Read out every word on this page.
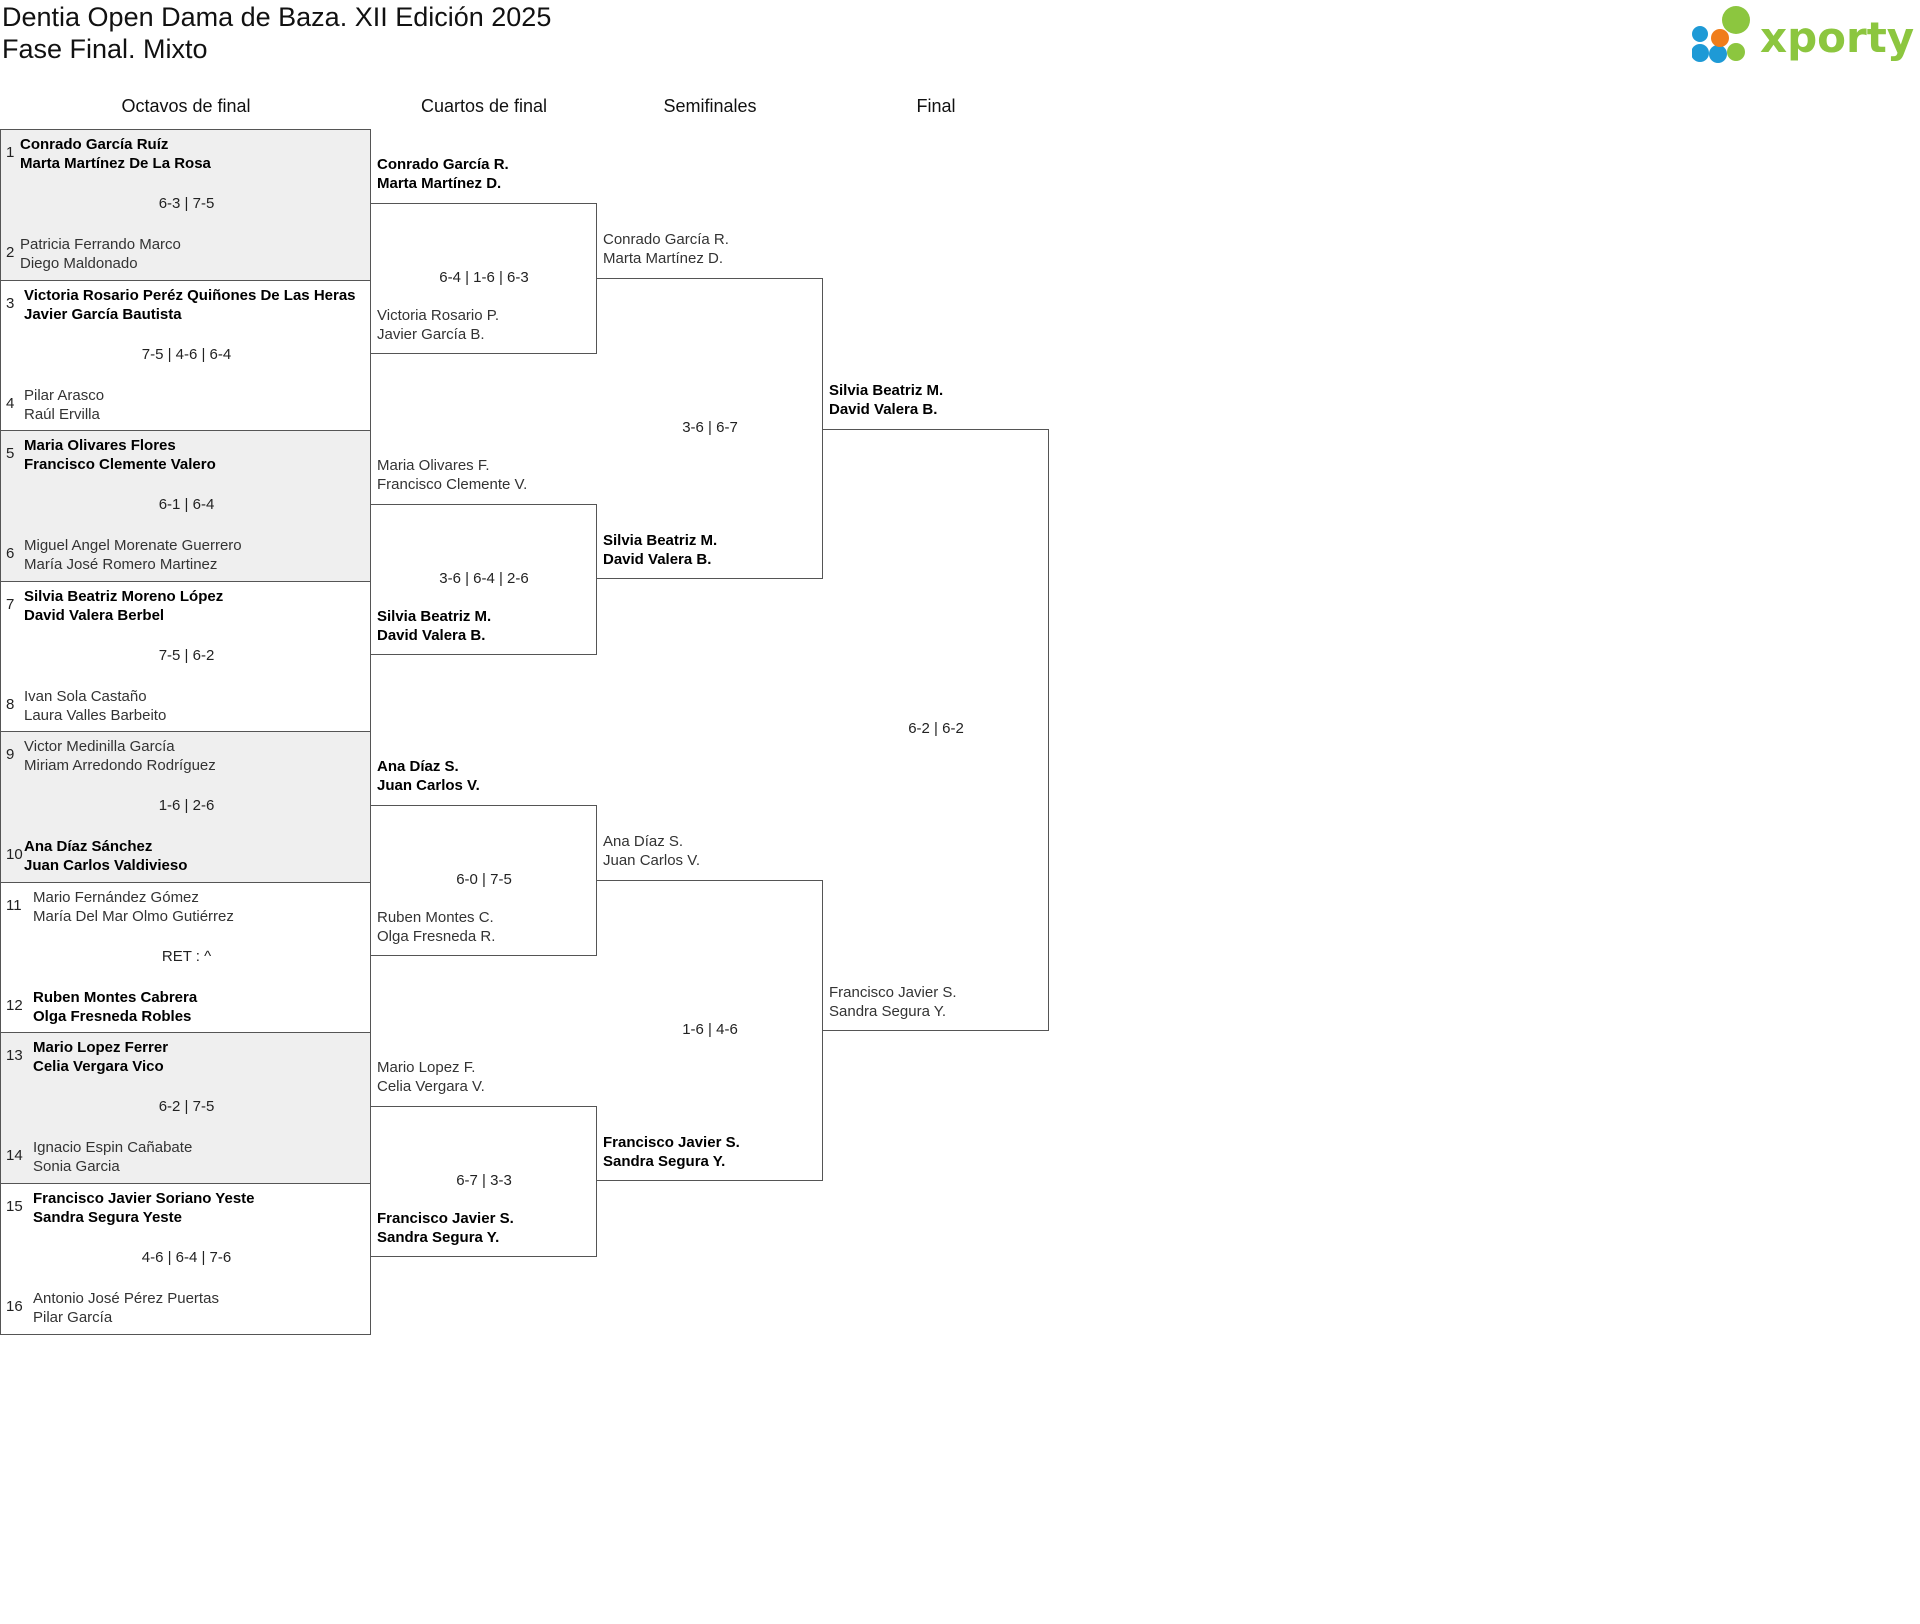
Dentia Open Dama de Baza. XII Edición 2025
Fase Final. Mixto	xporty
Octavos de final	Cuartos de final	Semifinales	Final
1 Conrado García Ruíz
Marta Martínez De La Rosa
6-3 | 7-5
2 Patricia Ferrando Marco
Diego Maldonado
3 Victoria Rosario Peréz Quiñones De Las Heras
Javier García Bautista
7-5 | 4-6 | 6-4
4 Pilar Arasco
Raúl Ervilla
5 Maria Olivares Flores
Francisco Clemente Valero
6-1 | 6-4
6 Miguel Angel Morenate Guerrero
María José Romero Martinez
7 Silvia Beatriz Moreno López
David Valera Berbel
7-5 | 6-2
8 Ivan Sola Castaño
Laura Valles Barbeito
9 Victor Medinilla García
Miriam Arredondo Rodríguez
1-6 | 2-6
10 Ana Díaz Sánchez
Juan Carlos Valdivieso
11 Mario Fernández Gómez
María Del Mar Olmo Gutiérrez
RET : ^
12 Ruben Montes Cabrera
Olga Fresneda Robles
13 Mario Lopez Ferrer
Celia Vergara Vico
6-2 | 7-5
14 Ignacio Espin Cañabate
Sonia Garcia
15 Francisco Javier Soriano Yeste
Sandra Segura Yeste
4-6 | 6-4 | 7-6
16 Antonio José Pérez Puertas
Pilar García
Conrado García R.
Marta Martínez D.
Victoria Rosario P.
Javier García B.
6-4 | 1-6 | 6-3
Maria Olivares F.
Francisco Clemente V.
Silvia Beatriz M.
David Valera B.
3-6 | 6-4 | 2-6
Ana Díaz S.
Juan Carlos V.
Ruben Montes C.
Olga Fresneda R.
6-0 | 7-5
Mario Lopez F.
Celia Vergara V.
Francisco Javier S.
Sandra Segura Y.
6-7 | 3-3
Conrado García R.
Marta Martínez D.
Silvia Beatriz M.
David Valera B.
3-6 | 6-7
Ana Díaz S.
Juan Carlos V.
Francisco Javier S.
Sandra Segura Y.
1-6 | 4-6
Silvia Beatriz M.
David Valera B.
Francisco Javier S.
Sandra Segura Y.
6-2 | 6-2
